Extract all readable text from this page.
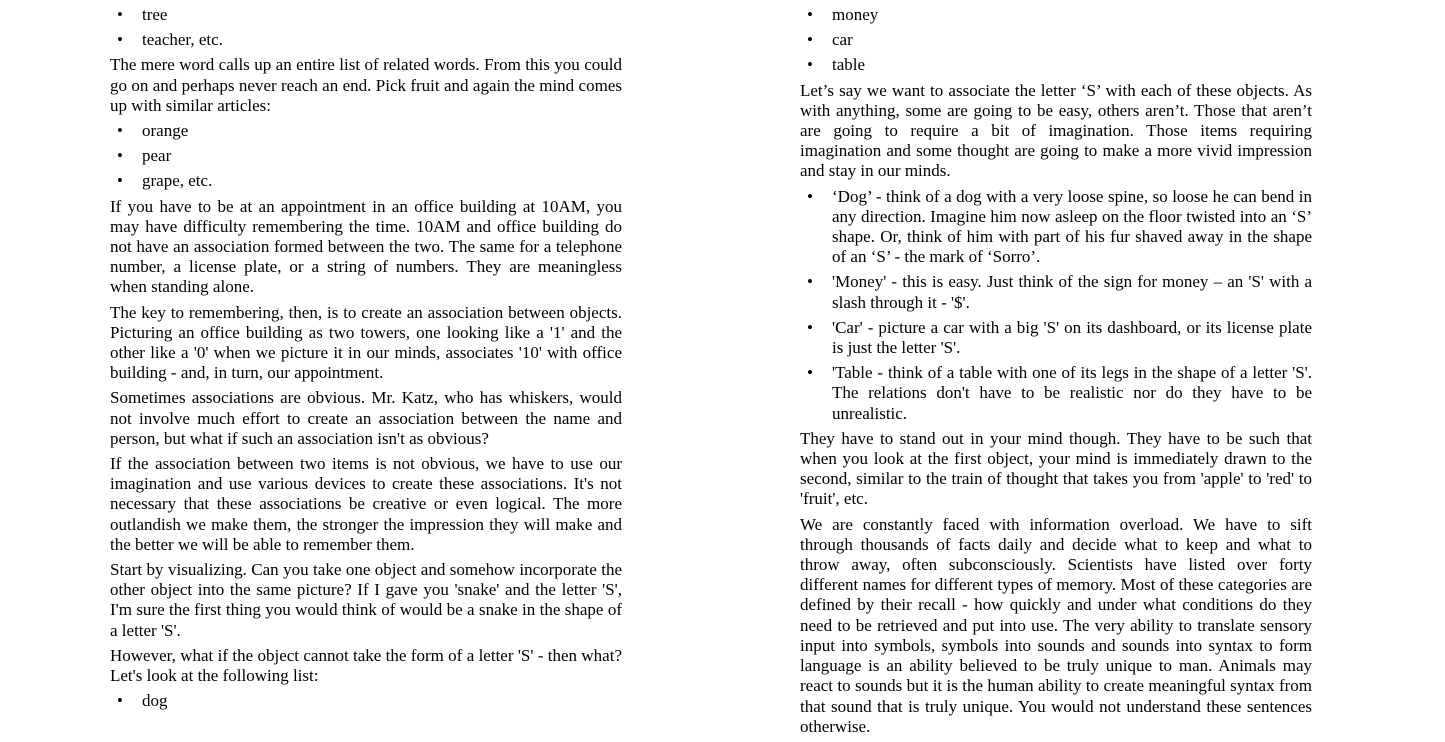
• tree
• teacher, etc.

The mere word calls up an entire list of related words. From this you could go on and perhaps never reach an end. Pick fruit and again the mind comes up with similar articles:

• orange
• pear
• grape, etc.

If you have to be at an appointment in an office building at 10AM, you may have difficulty remembering the time. 10AM and office building do not have an association formed between the two. The same for a telephone number, a license plate, or a string of numbers. They are meaningless when standing alone.

The key to remembering, then, is to create an association between objects. Picturing an office building as two towers, one looking like a '1' and the other like a '0' when we picture it in our minds, associates '10' with office building - and, in turn, our appointment.

Sometimes associations are obvious. Mr. Katz, who has whiskers, would not involve much effort to create an association between the name and person, but what if such an association isn't as obvious?

If the association between two items is not obvious, we have to use our imagination and use various devices to create these associations. It's not necessary that these associations be creative or even logical. The more outlandish we make them, the stronger the impression they will make and the better we will be able to remember them.

Start by visualizing. Can you take one object and somehow incorporate the other object into the same picture? If I gave you 'snake' and the letter 'S', I'm sure the first thing you would think of would be a snake in the shape of a letter 'S'.

However, what if the object cannot take the form of a letter 'S' - then what? Let's look at the following list:

• dog
• money
• car
• table

Let’s say we want to associate the letter ‘S’ with each of these objects. As with anything, some are going to be easy, others aren’t. Those that aren’t are going to require a bit of imagination. Those items requiring imagination and some thought are going to make a more vivid impression and stay in our minds.

• ‘Dog’ - think of a dog with a very loose spine, so loose he can bend in any direction. Imagine him now asleep on the floor twisted into an ‘S’ shape. Or, think of him with part of his fur shaved away in the shape of an ‘S’ - the mark of ‘Sorro’.
• 'Money' - this is easy. Just think of the sign for money – an 'S' with a slash through it - '$'.
• 'Car' - picture a car with a big 'S' on its dashboard, or its license plate is just the letter 'S'.
• 'Table - think of a table with one of its legs in the shape of a letter 'S'. The relations don't have to be realistic nor do they have to be unrealistic.

They have to stand out in your mind though. They have to be such that when you look at the first object, your mind is immediately drawn to the second, similar to the train of thought that takes you from 'apple' to 'red' to 'fruit', etc.

We are constantly faced with information overload. We have to sift through thousands of facts daily and decide what to keep and what to throw away, often subconsciously. Scientists have listed over forty different names for different types of memory. Most of these categories are defined by their recall - how quickly and under what conditions do they need to be retrieved and put into use. The very ability to translate sensory input into symbols, symbols into sounds and sounds into syntax to form language is an ability believed to be truly unique to man. Animals may react to sounds but it is the human ability to create meaningful syntax from that sound that is truly unique. You would not understand these sentences otherwise.
